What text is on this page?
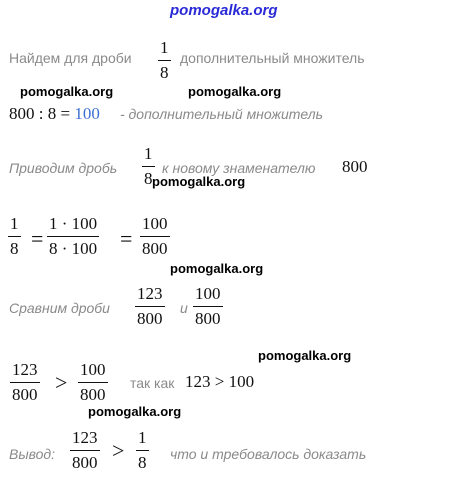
pomogalka.org
Найдем для дроби
1
8
дополнительный множитель
pomogalka.org	pomogalka.org
800 : 8 = 100 - дополнительный множитель
Приводим дробь
1
8
к новому знаменателю 800
pomogalka.org
1
8 =
1 · 100
8 · 100 =
100
800
pomogalka.org
Сравним дроби
123
800
и
100
800
pomogalka.org
123
800 >
100
800
так как 123 > 100
pomogalka.org
Вывод:
123
800 >
1
8 что и требовалось доказать
